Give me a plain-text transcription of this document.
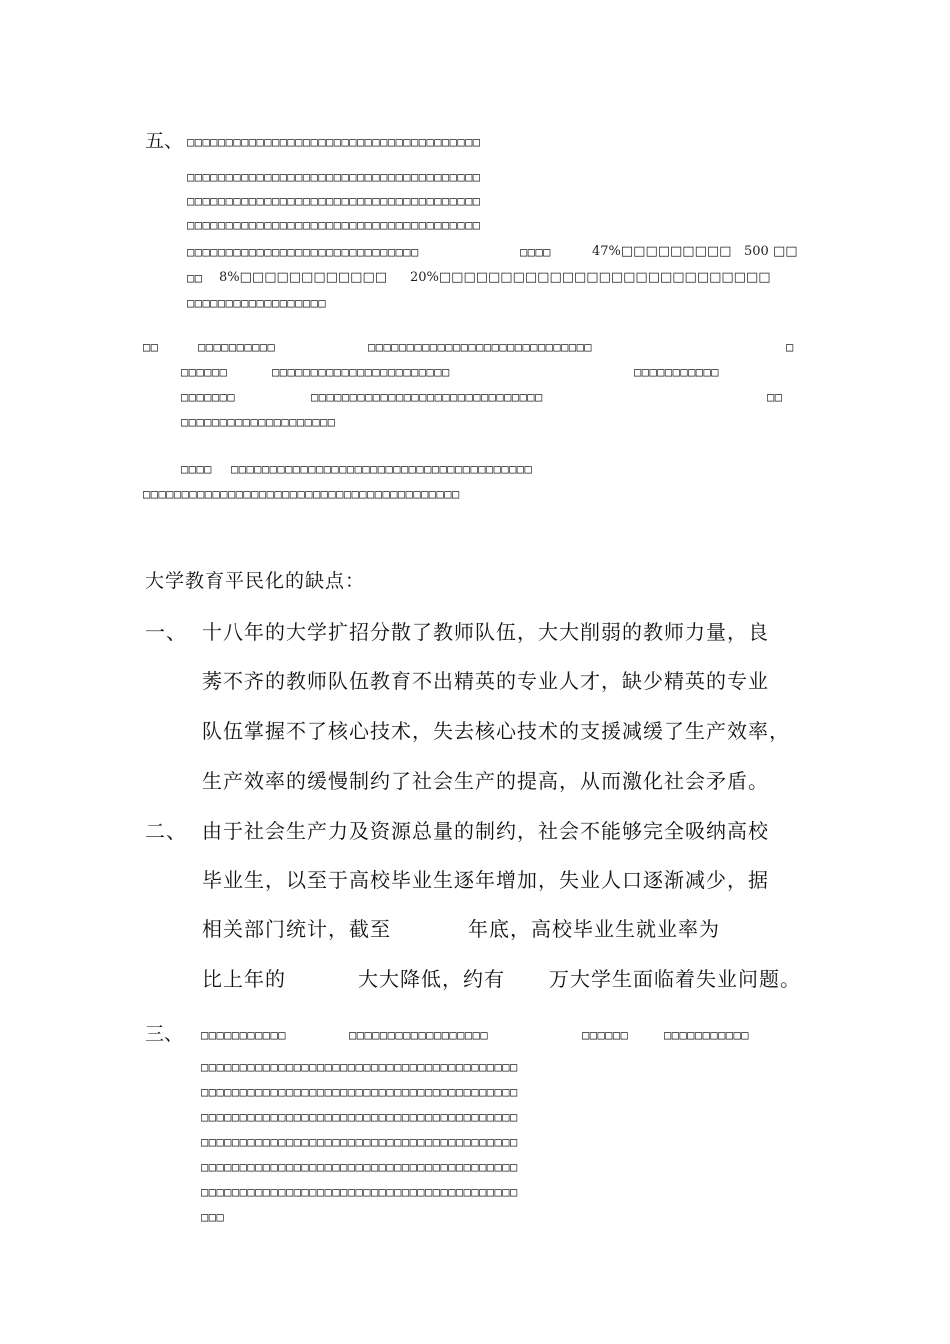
五、 □□□□□□□□□□□□□□□□□□□□□□□□□□□□□□□□□□□□□□
□□□□□□□□□□□□□□□□□□□□□□□□□□□□□□□□□□□□□□
□□□□□□□□□□□□□□□□□□□□□□□□□□□□□□□□□□□□□□
□□□□□□□□□□□□□□□□□□□□□□□□□□□□□□□□□□□□□□
□□□□□□□□□□□□□□□□□□□□□□□□□□□□□□	□□□□	47%□□□□□□□□□ 500 □□
□□ 8%□□□□□□□□□□□□ 20%□□□□□□□□□□□□□□□□□□□□□□□□□□□
□□□□□□□□□□□□□□□□□□
□□	□□□□□□□□□□	□□□□□□□□□□□□□□□□□□□□□□□□□□□□□	□
□□□□□□	□□□□□□□□□□□□□□□□□□□□□□□	□□□□□□□□□□□
□□□□□□□	□□□□□□□□□□□□□□□□□□□□□□□□□□□□□□	□□
□□□□□□□□□□□□□□□□□□□□
□□□□ □□□□□□□□□□□□□□□□□□□□□□□□□□□□□□□□□□□□□□□
□□□□□□□□□□□□□□□□□□□□□□□□□□□□□□□□□□□□□□□□□
大学教育平民化的缺点：
一、 十八年的大学扩招分散了教师队伍，大大削弱的教师力量，良
莠不齐的教师队伍教育不出精英的专业人才，缺少精英的专业
队伍掌握不了核心技术，失去核心技术的支援减缓了生产效率，
生产效率的缓慢制约了社会生产的提高，从而激化社会矛盾。
二、 由于社会生产力及资源总量的制约，社会不能够完全吸纳高校
毕业生，以至于高校毕业生逐年增加，失业人口逐渐减少，据
相关部门统计，截至	年底，高校毕业生就业率为
比上年的	大大降低，约有 万大学生面临着失业问题。
三、 □□□□□□□□□□□	□□□□□□□□□□□□□□□□□□	□□□□□□	□□□□□□□□□□□
□□□□□□□□□□□□□□□□□□□□□□□□□□□□□□□□□□□□□□□□□
□□□□□□□□□□□□□□□□□□□□□□□□□□□□□□□□□□□□□□□□□
□□□□□□□□□□□□□□□□□□□□□□□□□□□□□□□□□□□□□□□□□
□□□□□□□□□□□□□□□□□□□□□□□□□□□□□□□□□□□□□□□□□
□□□□□□□□□□□□□□□□□□□□□□□□□□□□□□□□□□□□□□□□□
□□□□□□□□□□□□□□□□□□□□□□□□□□□□□□□□□□□□□□□□□
□□□
